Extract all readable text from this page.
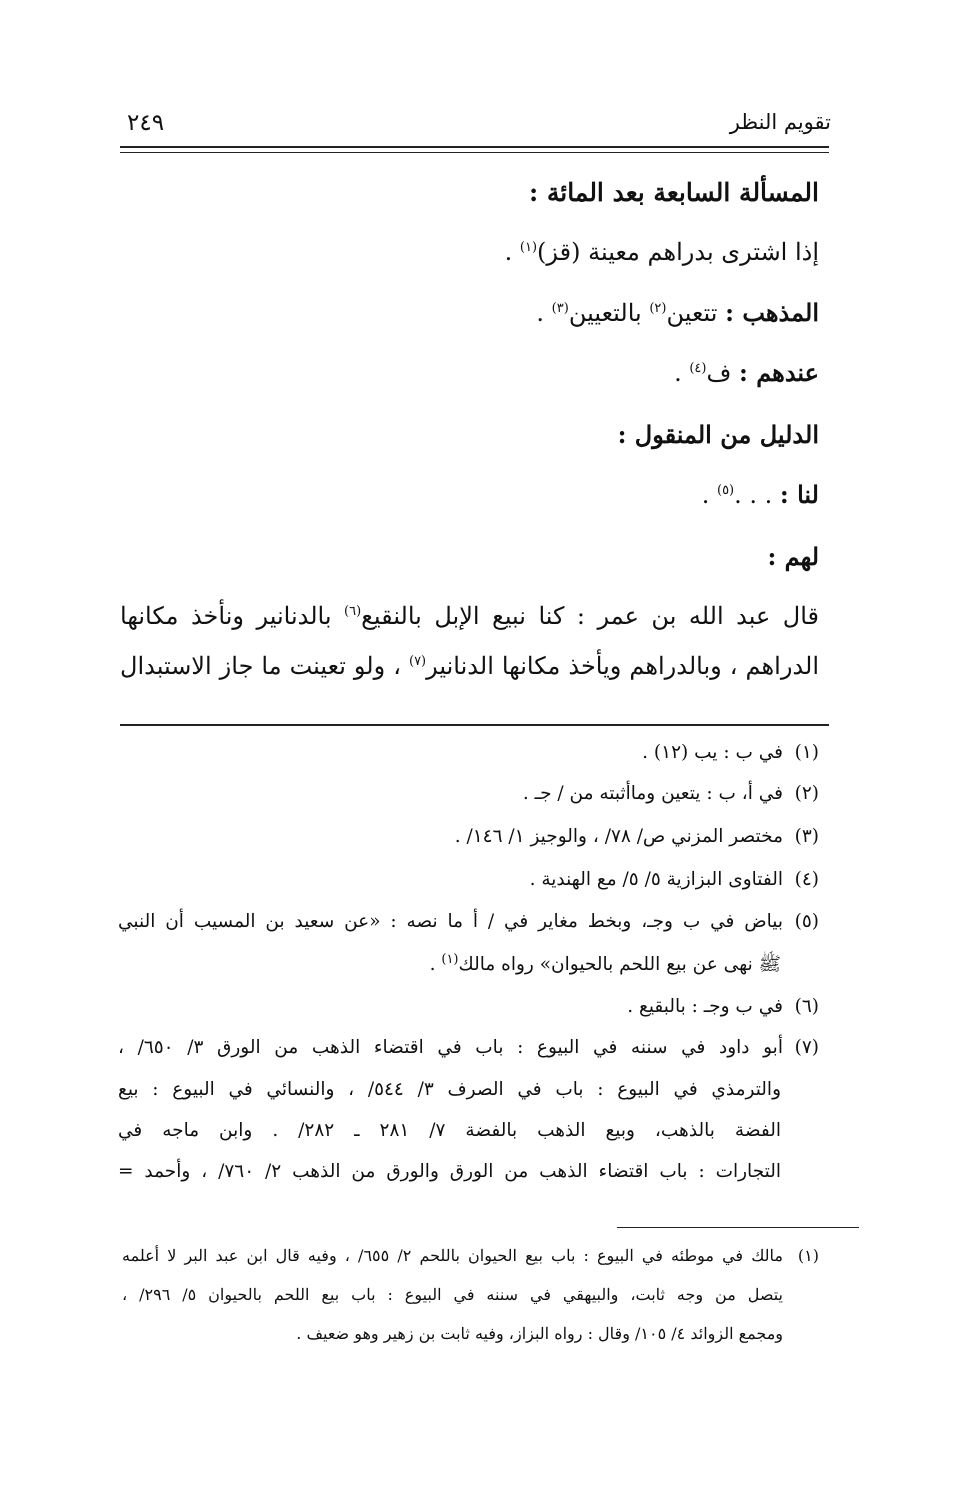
تقويم النظر
٢٤٩
المسألة السابعة بعد المائة :
إذا اشترى بدراهم معينة (قز)$^{(١)}$ .
المذهب : تتعين$^{(٢)}$ بالتعيين$^{(٣)}$ .
عندهم : ف$^{(٤)}$ .
الدليل من المنقول :
لنا : . . .$^{(٥)}$ .
لهم :
قال عبد الله بن عمر : كنا نبيع الإبل بالنقيع$^{(٦)}$ بالدنانير ونأخذ مكانها
الدراهم ، وبالدراهم ويأخذ مكانها الدنانير$^{(٧)}$ ، ولو تعينت ما جاز الاستبدال
(١)في ب : يب (١٢) .
(٢)في أ، ب : يتعين وماأثبته من / جـ .
(٣)مختصر المزني ص/ ٧٨/ ، والوجيز ١/ ١٤٦/ .
(٤)الفتاوى البزازية ٥/ ٥/ مع الهندية .
(٥)بياض في ب وجـ، وبخط مغاير في / أ ما نصه : «عن سعيد بن المسيب أن النبي
ﷺ نهى عن بيع اللحم بالحيوان» رواه مالك$^{(١)}$ .
(٦)في ب وجـ : بالبقيع .
(٧)أبو داود في سننه في البيوع : باب في اقتضاء الذهب من الورق ٣/ ٦٥٠/ ،
والترمذي في البيوع : باب في الصرف ٣/ ٥٤٤/ ، والنسائي في البيوع : بيع
الفضة بالذهب، وبيع الذهب بالفضة ٧/ ٢٨١ ـ ٢٨٢/ . وابن ماجه في
التجارات : باب اقتضاء الذهب من الورق والورق من الذهب ٢/ ٧٦٠/ ، وأحمد =
(١)مالك في موطئه في البيوع : باب بيع الحيوان باللحم ٢/ ٦٥٥/ ، وفيه قال ابن عبد البر لا أعلمه
يتصل من وجه ثابت، والبيهقي في سننه في البيوع : باب بيع اللحم بالحيوان ٥/ ٢٩٦/ ،
ومجمع الزوائد ٤/ ١٠٥/ وقال : رواه البزاز، وفيه ثابت بن زهير وهو ضعيف .
